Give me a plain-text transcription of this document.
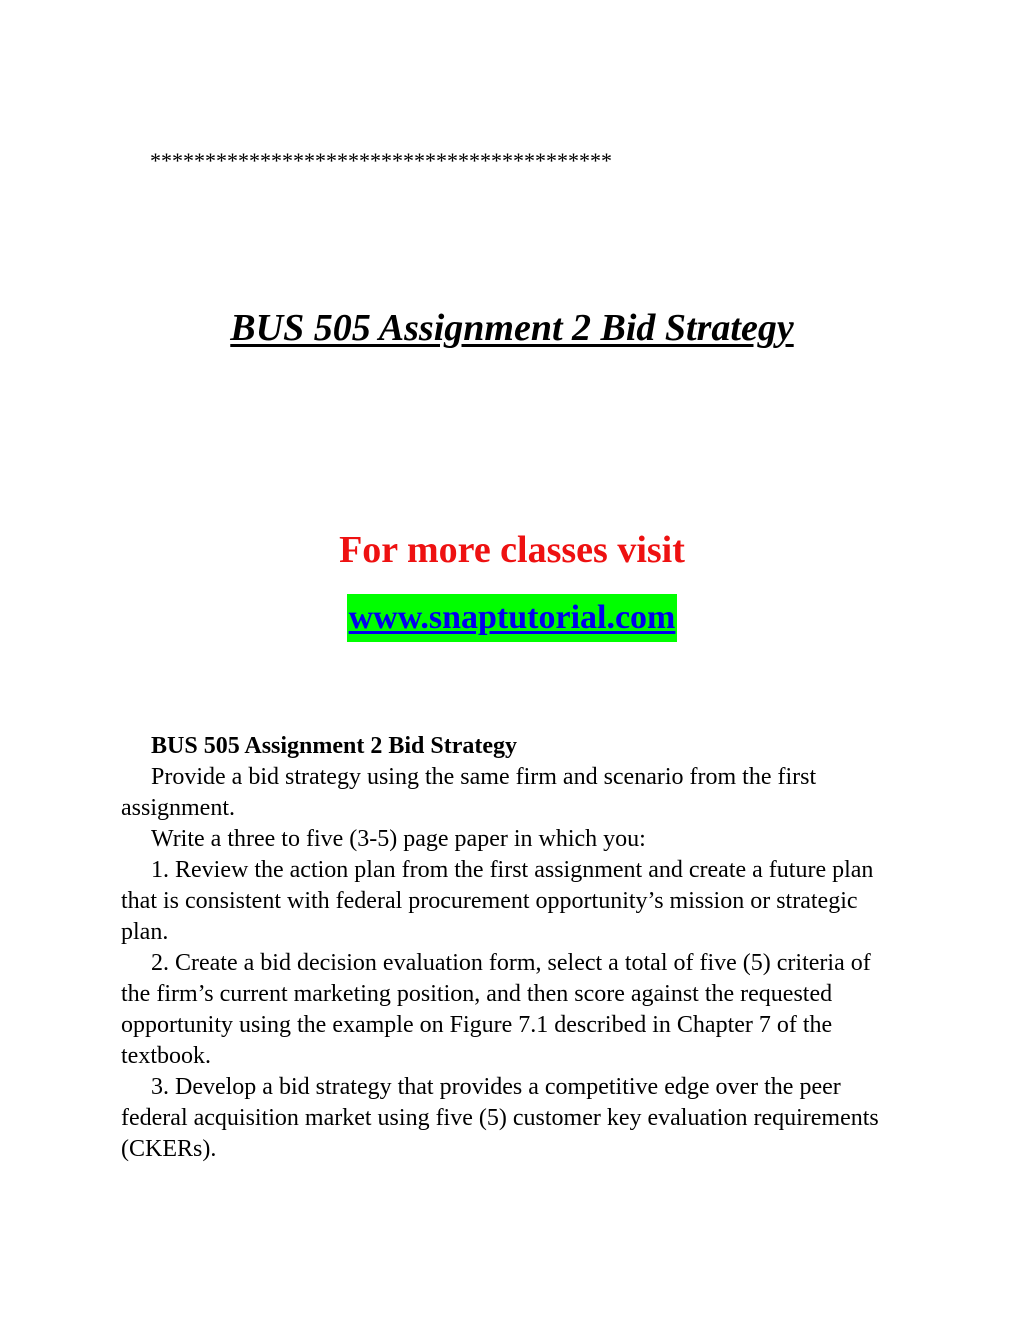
******************************************
BUS 505 Assignment 2 Bid Strategy
For more classes visit
www.snaptutorial.com

BUS 505 Assignment 2 Bid Strategy

Provide a bid strategy using the same firm and scenario from the first assignment.

Write a three to five (3-5) page paper in which you:

1. Review the action plan from the first assignment and create a future plan that is consistent with federal procurement opportunity’s mission or strategic plan.

2. Create a bid decision evaluation form, select a total of five (5) criteria of the firm’s current marketing position, and then score against the requested opportunity using the example on Figure 7.1 described in Chapter 7 of the textbook.

3. Develop a bid strategy that provides a competitive edge over the peer federal acquisition market using five (5) customer key evaluation requirements (CKERs).
